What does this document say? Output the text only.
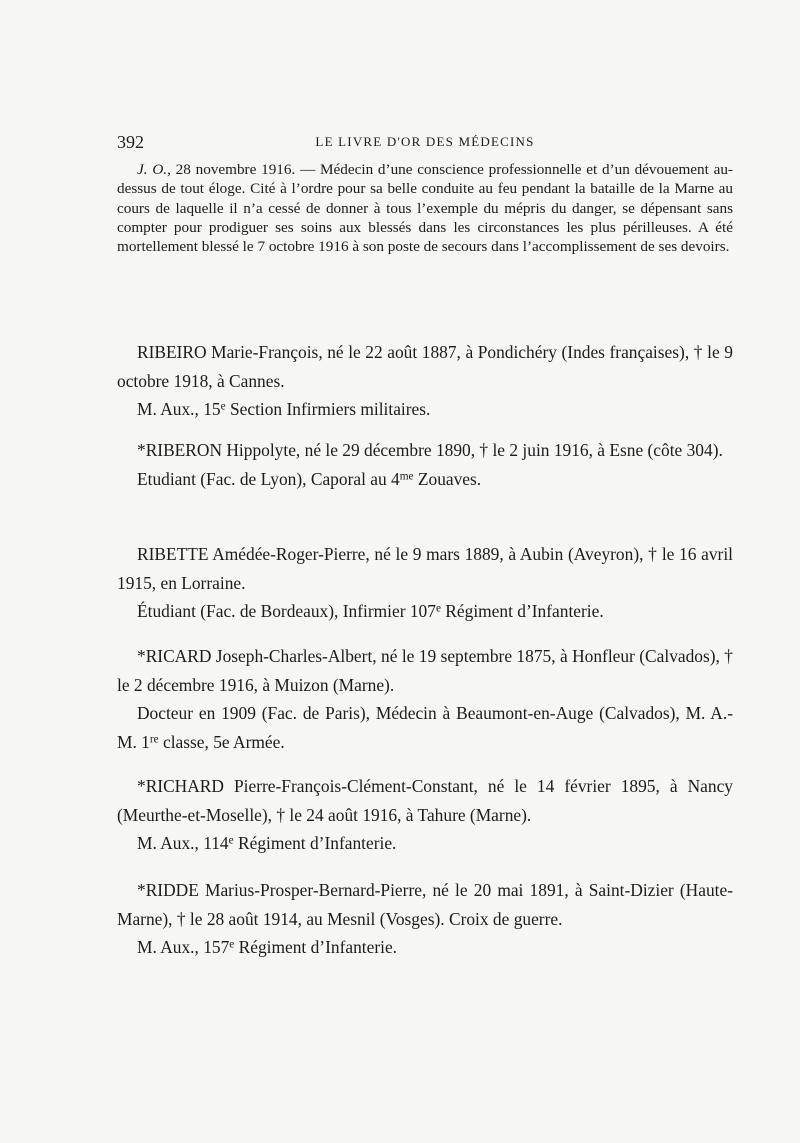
392	LE LIVRE D'OR DES MÉDECINS

J. O., 28 novembre 1916. — Médecin d’une conscience professionnelle et d’un dévouement au-dessus de tout éloge. Cité à l’ordre pour sa belle conduite au feu pendant la bataille de la Marne au cours de laquelle il n’a cessé de donner à tous l’exemple du mépris du danger, se dépensant sans compter pour prodiguer ses soins aux blessés dans les circonstances les plus périlleuses. A été mortellement blessé le 7 octobre 1916 à son poste de secours dans l’accomplissement de ses devoirs.

RIBEIRO Marie-François, né le 22 août 1887, à Pondichéry (Indes françaises), † le 9 octobre 1918, à Cannes.

M. Aux., 15e Section Infirmiers militaires.

*RIBERON Hippolyte, né le 29 décembre 1890, † le 2 juin 1916, à Esne (côte 304).

Etudiant (Fac. de Lyon), Caporal au $4^{me}$ Zouaves.

RIBETTE Amédée-Roger-Pierre, né le 9 mars 1889, à Aubin (Aveyron), † le 16 avril 1915, en Lorraine.

Étudiant (Fac. de Bordeaux), Infirmier 107e Régiment d’Infanterie.

*RICARD Joseph-Charles-Albert, né le 19 septembre 1875, à Honfleur (Calvados), † le 2 décembre 1916, à Muizon (Marne).

Docteur en 1909 (Fac. de Paris), Médecin à Beaumont-en-Auge (Calvados), M. A.-M. 1re classe, 5e Armée.

*RICHARD Pierre-François-Clément-Constant, né le 14 février 1895, à Nancy (Meurthe-et-Moselle), † le 24 août 1916, à Tahure (Marne).

M. Aux., 114e Régiment d’Infanterie.

*RIDDE Marius-Prosper-Bernard-Pierre, né le 20 mai 1891, à Saint-Dizier (Haute-Marne), † le 28 août 1914, au Mesnil (Vosges). Croix de guerre.

M. Aux., 157e Régiment d’Infanterie.
